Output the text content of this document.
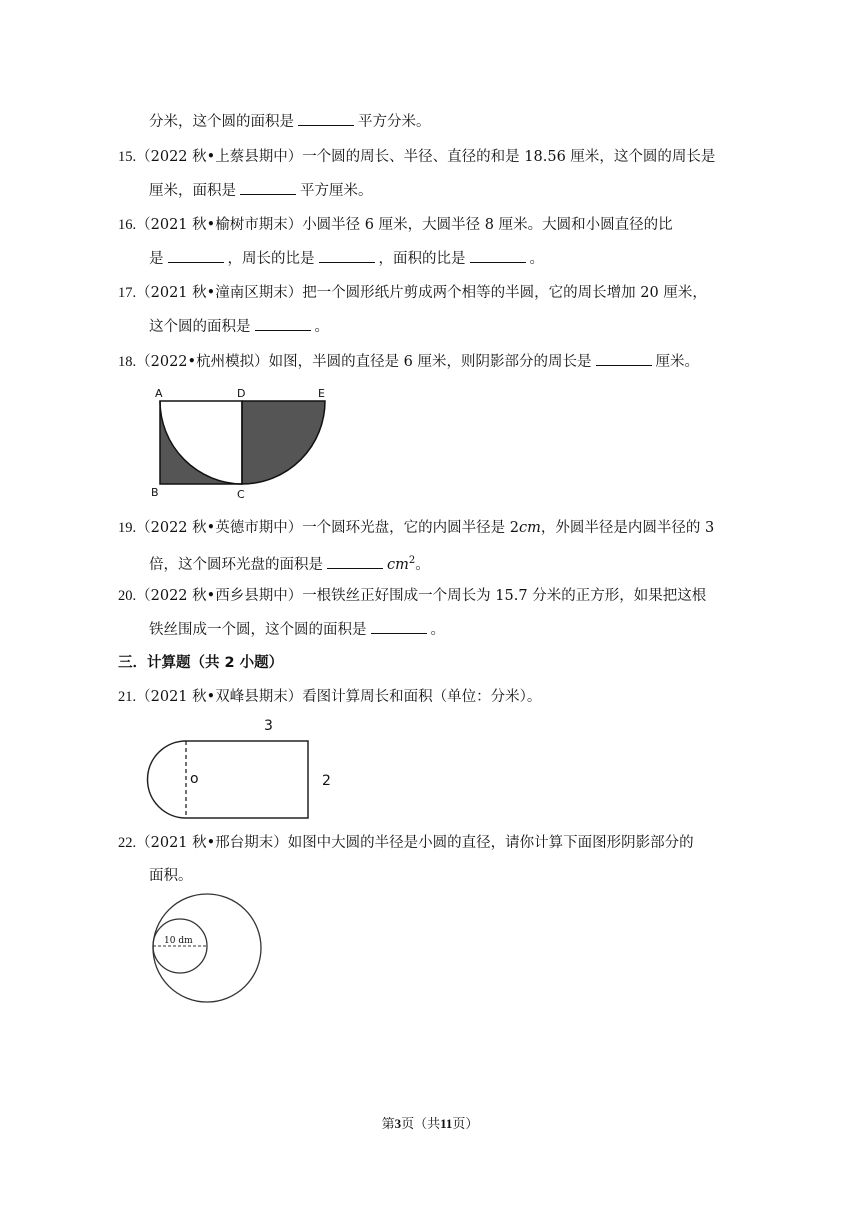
分米，这个圆的面积是	平方分米。
15.（2022 秋•上蔡县期中）一个圆的周长、半径、直径的和是 18.56 厘米，这个圆的周长是
厘米，面积是	平方厘米。
16.（2021 秋•榆树市期末）小圆半径 6 厘米，大圆半径 8 厘米。大圆和小圆直径的比
是	，周长的比是	，面积的比是	。
17.（2021 秋•潼南区期末）把一个圆形纸片剪成两个相等的半圆，它的周长增加 20 厘米，
这个圆的面积是	。
18.（2022•杭州模拟）如图，半圆的直径是 6 厘米，则阴影部分的周长是	厘米。
A	D	E
B	C
19.（2022 秋•英德市期中）一个圆环光盘，它的内圆半径是 2cm，外圆半径是内圆半径的 3
倍，这个圆环光盘的面积是	$cm^2$。
20.（2022 秋•西乡县期中）一根铁丝正好围成一个周长为 15.7 分米的正方形，如果把这根
铁丝围成一个圆，这个圆的面积是	。
三．计算题（共 2 小题）
21.（2021 秋•双峰县期末）看图计算周长和面积（单位：分米）。
3
2
o
22.（2021 秋•邢台期末）如图中大圆的半径是小圆的直径，请你计算下面图形阴影部分的
面积。
10 dm
第3页（共11页）
